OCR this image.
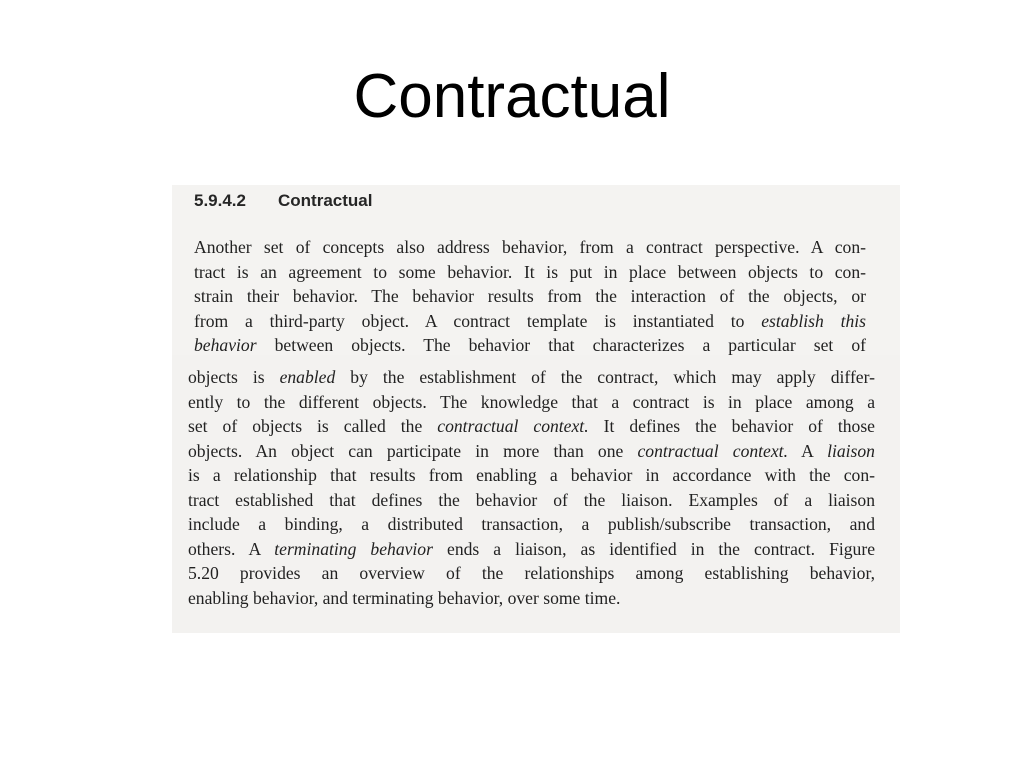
Contractual
5.9.4.2 Contractual
Another set of concepts also address behavior, from a contract perspective. A con-
tract is an agreement to some behavior. It is put in place between objects to con-
strain their behavior. The behavior results from the interaction of the objects, or
from a third-party object. A contract template is instantiated to establish this
behavior between objects. The behavior that characterizes a particular set of
objects is enabled by the establishment of the contract, which may apply differ-
ently to the different objects. The knowledge that a contract is in place among a
set of objects is called the contractual context. It defines the behavior of those
objects. An object can participate in more than one contractual context. A liaison
is a relationship that results from enabling a behavior in accordance with the con-
tract established that defines the behavior of the liaison. Examples of a liaison
include a binding, a distributed transaction, a publish/subscribe transaction, and
others. A terminating behavior ends a liaison, as identified in the contract. Figure
5.20 provides an overview of the relationships among establishing behavior,
enabling behavior, and terminating behavior, over some time.
